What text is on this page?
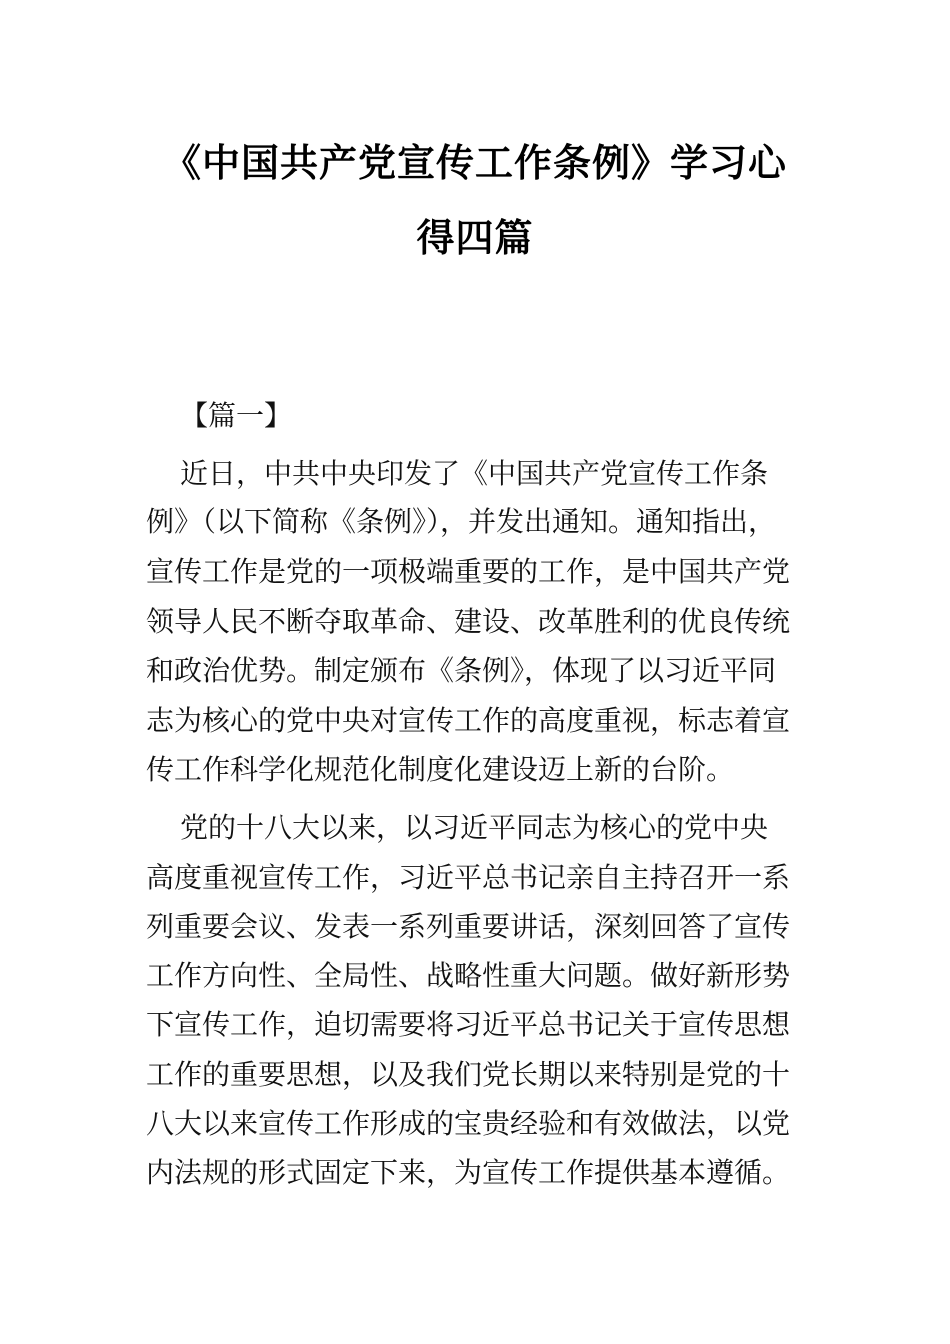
《中国共产党宣传工作条例》学习心
得四篇
【篇一】
近日，中共中央印发了《中国共产党宣传工作条
例》（以下简称《条例》），并发出通知。通知指出，
宣传工作是党的一项极端重要的工作，是中国共产党
领导人民不断夺取革命、建设、改革胜利的优良传统
和政治优势。制定颁布《条例》，体现了以习近平同
志为核心的党中央对宣传工作的高度重视，标志着宣
传工作科学化规范化制度化建设迈上新的台阶。
党的十八大以来，以习近平同志为核心的党中央
高度重视宣传工作，习近平总书记亲自主持召开一系
列重要会议、发表一系列重要讲话，深刻回答了宣传
工作方向性、全局性、战略性重大问题。做好新形势
下宣传工作，迫切需要将习近平总书记关于宣传思想
工作的重要思想，以及我们党长期以来特别是党的十
八大以来宣传工作形成的宝贵经验和有效做法，以党
内法规的形式固定下来，为宣传工作提供基本遵循。
